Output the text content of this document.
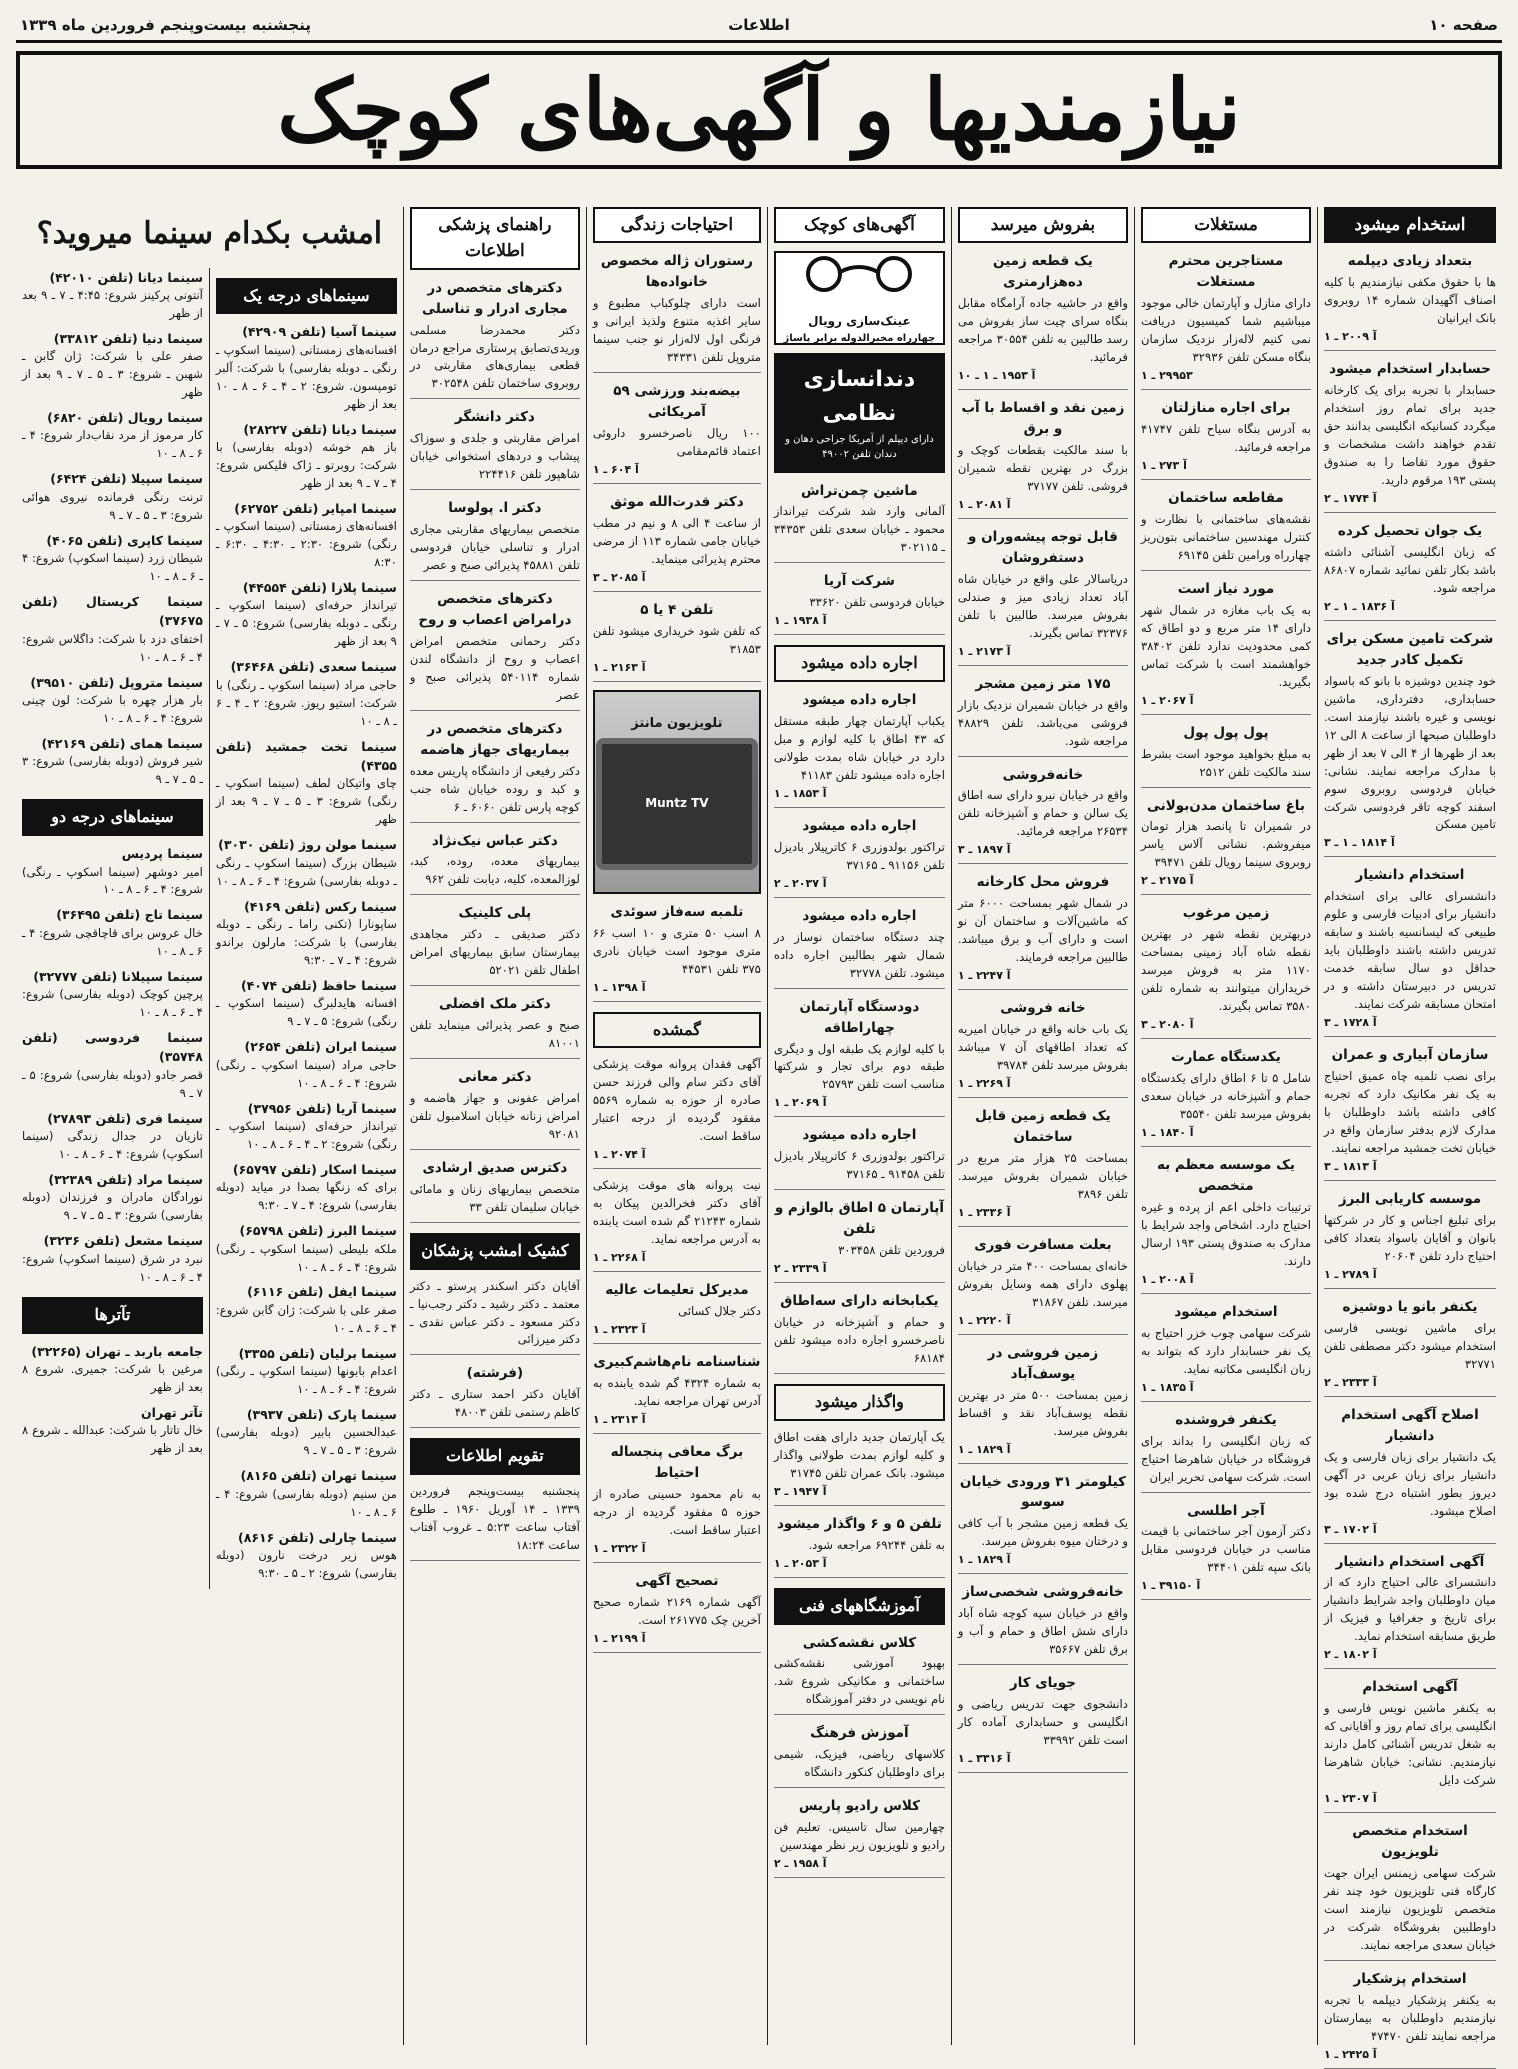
صفحه ۱۰
اطلاعات
پنجشنبه بیست‌وپنجم فروردین ماه ۱۳۳۹
نیازمندیها و آگهی‌های کوچک
استخدام میشود
بتعداد زیادی دیپلمه

ها با حقوق مکفی نیازمندیم با کلیه اصناف آگهیدان شماره ۱۴ روبروی بانک ایرانیان

آ ۲۰۰۹ ـ ۱
حسابدار استخدام میشود

حسابدار با تجربه برای یک کارخانه جدید برای تمام روز استخدام میگردد کسانیکه انگلیسی بدانند حق تقدم خواهند داشت مشخصات و حقوق مورد تقاضا را به صندوق پستی ۱۹۳ مرقوم دارید.

آ ۱۷۷۴ ـ ۲
یک جوان تحصیل کرده

که زبان انگلیسی آشنائی داشته باشد بکار تلفن نمائید شماره ۸۶۸۰۷ مراجعه شود.

آ ۱۸۳۶ ـ ۱ ـ ۲
شرکت تامین مسکن برای تکمیل کادر جدید

خود چندین دوشیزه با بانو که باسواد حسابداری، دفترداری، ماشین نویسی و غیره باشند نیازمند است. داوطلبان صبحها از ساعت ۸ الی ۱۲ بعد از ظهرها از ۴ الی ۷ بعد از ظهر با مدارک مراجعه نمایند. نشانی: خیابان فردوسی روبروی سوم اسفند کوچه تاقر فردوسی شرکت تامین مسکن

آ ۱۸۱۴ ـ ۱ ـ ۳
استخدام دانشیار

دانشسرای عالی برای استخدام دانشیار برای ادبیات فارسی و علوم طبیعی که لیسانسیه باشند و سابقه تدریس داشته باشند داوطلبان باید حداقل دو سال سابقه خدمت تدریس در دبیرستان داشته و در امتحان مسابقه شرکت نمایند.

آ ۱۷۲۸ ـ ۳
سازمان آبیاری و عمران

برای نصب تلمبه چاه عمیق احتیاج به یک نفر مکانیک دارد که تجربه کافی داشته باشد داوطلبان با مدارک لازم بدفتر سازمان واقع در خیابان تخت جمشید مراجعه نمایند.

آ ۱۸۱۳ ـ ۳
موسسه کاریابی البرز

برای تبلیغ اجناس و کار در شرکتها بانوان و آقایان باسواد بتعداد کافی احتیاج دارد تلفن ۲۰۶۰۴

آ ۲۷۸۹ ـ ۱
یکنفر بانو یا دوشیزه

برای ماشین نویسی فارسی استخدام میشود دکتر مصطفی تلفن ۳۲۷۷۱

آ ۲۳۳۳ ـ ۲
اصلاح آگهی استخدام دانشیار

یک دانشیار برای زبان فارسی و یک دانشیار برای زبان عربی در آگهی دیروز بطور اشتباه درج شده بود اصلاح میشود.

آ ۱۷۰۲ ـ ۳
آگهی استخدام دانشیار

دانشسرای عالی احتیاج دارد که از میان داوطلبان واجد شرایط دانشیار برای تاریخ و جغرافیا و فیزیک از طریق مسابقه استخدام نماید.

آ ۱۸۰۲ ـ ۲
آگهی استخدام

به یکنفر ماشین نویس فارسی و انگلیسی برای تمام روز و آقایانی که به شغل تدریس آشنائی کامل دارند نیازمندیم. نشانی: خیابان شاهرضا شرکت دایل

آ ۲۳۰۷ ـ ۱
استخدام متخصص تلویزیون

شرکت سهامی زیمنس ایران جهت کارگاه فنی تلویزیون خود چند نفر متخصص تلویزیون نیازمند است داوطلبین بفروشگاه شرکت در خیابان سعدی مراجعه نمایند.

استخدام پزشکیار

به یکنفر پزشکیار دیپلمه با تجربه نیازمندیم داوطلبان به بیمارستان مراجعه نمایند تلفن ۴۷۴۷۰

آ ۲۴۲۵ ـ ۱
مستغلات
مستاجرین محترم مستغلات

دارای منازل و آپارتمان خالی موجود میباشیم شما کمیسیون دریافت نمی کنیم لاله‌زار نزدیک سازمان بنگاه مسکن تلفن ۳۲۹۳۶

۲۹۹۵۳ ـ ۱
برای اجاره منازلتان

به آدرس بنگاه سیاح تلفن ۴۱۷۴۷ مراجعه فرمائید.

آ ۲۷۳ ـ ۱
مقاطعه ساختمان

نقشه‌های ساختمانی با نظارت و کنترل مهندسین ساختمانی بتون‌ریز چهارراه ورامین تلفن ۶۹۱۴۵

مورد نیاز است

به یک باب مغازه در شمال شهر دارای ۱۴ متر مربع و دو اطاق که کمی محدودیت ندارد تلفن ۳۸۴۰۲ خواهشمند است با شرکت تماس بگیرید.

آ ۲۰۶۷ ـ ۱
پول پول پول

به مبلغ بخواهید موجود است بشرط سند مالکیت تلفن ۲۵۱۲

باغ ساختمان مدن‌بولانی

در شمیران تا پانصد هزار تومان میفروشم. نشانی آلاس یاسر روبروی سینما رویال تلفن ۳۹۴۷۱

آ ۲۱۷۵ ـ ۲
زمین مرغوب

دربهترین نقطه شهر در بهترین نقطه شاه آباد زمینی بمساحت ۱۱۷۰ متر به فروش میرسد خریداران میتوانند به شماره تلفن ۳۵۸۰ تماس بگیرند.

آ ۲۰۸۰ ـ ۳
یکدستگاه عمارت

شامل ۵ تا ۶ اطاق دارای یکدستگاه حمام و آشپزخانه در خیابان سعدی بفروش میرسد تلفن ۳۵۵۴۰

آ ۱۸۴۰ ـ ۱
یک موسسه معظم به متخصص

ترتیبات داخلی اعم از پرده و غیره احتیاج دارد. اشخاص واجد شرایط با مدارک به صندوق پستی ۱۹۳ ارسال دارند.

آ ۲۰۰۸ ـ ۱
استخدام میشود

شرکت سهامی چوب خزر احتیاج به یک نفر حسابدار دارد که بتواند به زبان انگلیسی مکاتبه نماید.

آ ۱۸۳۵ ـ ۱
یکنفر فروشنده

که زبان انگلیسی را بداند برای فروشگاه در خیابان شاهرضا احتیاج است. شرکت سهامی تحریر ایران

آجر اطلسی

دکتر آزمون آجر ساختمانی با قیمت مناسب در خیابان فردوسی مقابل بانک سپه تلفن ۳۴۴۰۱

آ ۳۹۱۵۰ ـ ۱
بفروش میرسد
یک قطعه زمین ده‌هزارمتری

واقع در حاشیه جاده آرامگاه مقابل بنگاه سرای چیت ساز بفروش می رسد طالبین به تلفن ۳۰۵۵۴ مراجعه فرمائید.

آ ۱۹۵۳ ـ ۱ ـ ۱۰
زمین نقد و اقساط با آب و برق

با سند مالکیت بقطعات کوچک و بزرگ در بهترین نقطه شمیران فروشی. تلفن ۳۷۱۷۷

آ ۲۰۸۱ ـ ۱
قابل توجه پیشه‌وران و دستفروشان

دریاسالار علی واقع در خیابان شاه آباد تعداد زیادی میز و صندلی بفروش میرسد. طالبین با تلفن ۳۲۳۷۶ تماس بگیرند.

آ ۲۱۷۳ ـ ۱
۱۷۵ متر زمین مشجر

واقع در خیابان شمیران نزدیک بازار فروشی می‌باشد. تلفن ۴۸۸۲۹ مراجعه شود.

خانه‌فروشی

واقع در خیابان نیرو دارای سه اطاق یک سالن و حمام و آشپزخانه تلفن ۲۶۵۳۴ مراجعه فرمائید.

آ ۱۸۹۷ ـ ۳
فروش محل کارخانه

در شمال شهر بمساحت ۶۰۰۰ متر که ماشین‌آلات و ساختمان آن نو است و دارای آب و برق میباشد. طالبین مراجعه فرمایند.

آ ۲۲۴۷ ـ ۱
خانه فروشی

یک باب خانه واقع در خیابان امیریه که تعداد اطاقهای آن ۷ میباشد بفروش میرسد تلفن ۳۹۷۸۴

آ ۲۲۶۹ ـ ۱
یک قطعه زمین قابل ساختمان

بمساحت ۲۵ هزار متر مربع در خیابان شمیران بفروش میرسد. تلفن ۳۸۹۶

آ ۲۳۳۶ ـ ۱
بعلت مسافرت فوری

خانه‌ای بمساحت ۴۰۰ متر در خیابان پهلوی دارای همه وسایل بفروش میرسد. تلفن ۳۱۸۶۷

آ ۲۲۲۰ ـ ۱
زمین فروشی در یوسف‌آباد

زمین بمساحت ۵۰۰ متر در بهترین نقطه یوسف‌آباد نقد و اقساط بفروش میرسد.

آ ۱۸۲۹ ـ ۱
کیلومتر ۳۱ ورودی خیابان سوسو

یک قطعه زمین مشجر با آب کافی و درختان میوه بفروش میرسد.

آ ۱۸۲۹ ـ ۱
خانه‌فروشی شخصی‌ساز

واقع در خیابان سپه کوچه شاه آباد دارای شش اطاق و حمام و آب و برق تلفن ۳۵۶۶۷

جویای کار

دانشجوی جهت تدریس ریاضی و انگلیسی و حسابداری آماده کار است تلفن ۳۳۹۹۲

آ ۳۳۱۶ ـ ۱
آگهی‌های کوچک
عینک‌سازی رویال
چهارراه مخبرالدوله برابر پاساژ
دندانسازی نظامی
دارای دیپلم از آمریکا جراحی دهان و دندان تلفن ۴۹۰۰۲
ماشین چمن‌تراش

آلمانی وارد شد شرکت تیرانداز محمود ـ خیابان سعدی تلفن ۳۴۳۵۳ ـ ۳۰۲۱۱۵

شرکت آریا

خیابان فردوسی تلفن ۳۳۶۲۰

آ ۱۹۳۸ ـ ۱
اجاره داده میشود
اجاره داده میشود

یکباب آپارتمان چهار طبقه مستقل که ۴۳ اطاق با کلیه لوازم و مبل دارد در خیابان شاه بمدت طولانی اجاره داده میشود تلفن ۴۱۱۸۳

آ ۱۸۵۳ ـ ۱
اجاره داده میشود

تراکتور بولدوزری ۶ کاترپیلار بادیزل تلفن ۹۱۱۵۶ ـ ۳۷۱۶۵

آ ۲۰۳۷ ـ ۲
اجاره داده میشود

چند دستگاه ساختمان نوساز در شمال شهر بطالبین اجاره داده میشود. تلفن ۳۲۷۷۸

دودستگاه آپارتمان چهاراطاقه

با کلیه لوازم یک طبقه اول و دیگری طبقه دوم برای تجار و شرکتها مناسب است تلفن ۲۵۷۹۳

آ ۲۰۶۹ ـ ۱
اجاره داده میشود

تراکتور بولدوزری ۶ کاترپیلار بادیزل تلفن ۹۱۴۵۸ ـ ۳۷۱۶۵

آپارتمان ۵ اطاق بالوازم و تلفن

فروردین تلفن ۳۰۳۴۵۸

آ ۲۳۳۹ ـ ۲
یکبابخانه دارای سه‌اطاق

و حمام و آشپزخانه در خیابان ناصرخسرو اجاره داده میشود تلفن ۶۸۱۸۴

واگذار میشود

یک آپارتمان جدید دارای هفت اطاق و کلیه لوازم بمدت طولانی واگذار میشود. بانک عمران تلفن ۳۱۷۴۵

آ ۱۹۴۷ ـ ۳
تلفن ۵ و ۶ واگذار میشود

به تلفن ۶۹۲۴۴ مراجعه شود.

آ ۲۰۵۳ ـ ۱
آموزشگاههای فنی
کلاس نقشه‌کشی

بهبود آموزشی نقشه‌کشی ساختمانی و مکانیکی شروع شد. نام نویسی در دفتر آموزشگاه

آموزش فرهنگ

کلاسهای ریاضی، فیزیک، شیمی برای داوطلبان کنکور دانشگاه

کلاس رادیو پاریس

چهارمین سال تاسیس. تعلیم فن رادیو و تلویزیون زیر نظر مهندسین

آ ۱۹۵۸ ـ ۲
احتیاجات زندگی
رستوران ژاله مخصوص خانواده‌ها

است دارای چلوکباب مطبوع و سایر اغذیه متنوع ولذیذ ایرانی و فرنگی اول لاله‌زار نو جنب سینما متروپل تلفن ۳۴۳۳۱

بیضه‌بند ورزشی ۵۹ آمریکائی

۱۰۰ ریال ناصرخسرو داروئی اعتماد قائم‌مقامی

آ ۶۰۴ ـ ۱
دکتر قدرت‌الله موثق

از ساعت ۴ الی ۸ و نیم در مطب خیابان جامی شماره ۱۱۳ از مرضی محترم پذیرائی مینماید.

آ ۲۰۸۵ ـ ۳
تلفن ۴ یا ۵

که تلفن شود خریداری میشود تلفن ۳۱۸۵۳

آ ۲۱۶۳ ـ ۱
تلویزیون مانتز
Muntz TV
تلمبه سه‌فاز سوئدی

۸ اسب ۵۰ متری و ۱۰ اسب ۶۶ متری موجود است خیابان نادری ۳۷۵ تلفن ۴۴۵۳۱

آ ۱۳۹۸ ـ ۱
گمشده

آگهی فقدان پروانه موقت پزشکی آقای دکتر سام والی فرزند حسن صادره از حوزه به شماره ۵۵۶۹ مفقود گردیده از درجه اعتبار ساقط است.

آ ۲۰۷۴ ـ ۱

نیت پروانه های موقت پزشکی آقای دکتر فخرالدین پیکان به شماره ۲۱۲۴۳ گم شده است یابنده به آدرس مراجعه نماید.

آ ۲۲۶۸ ـ ۱
مدیرکل تعلیمات عالیه

دکتر جلال کسائی

آ ۲۳۲۳ ـ ۱
شناسنامه نام‌هاشم‌کبیری

به شماره ۴۳۲۴ گم شده یابنده به آدرس تهران مراجعه نماید.

آ ۲۳۱۳ ـ ۱
برگ معافی پنجساله احتیاط

به نام محمود حسینی صادره از حوزه ۵ مفقود گردیده از درجه اعتبار ساقط است.

آ ۲۳۲۲ ـ ۱
تصحیح آگهی

آگهی شماره ۲۱۶۹ شماره صحیح آخرین چک ۲۶۱۷۷۵ است.

آ ۲۱۹۹ ـ ۱
راهنمای پزشکی اطلاعات
دکترهای متخصص در مجاری ادرار و تناسلی

دکتر محمدرضا مسلمی وریدی‌تصابق پرستاری مراجع درمان قطعی بیماری‌های مقاربتی در روبروی ساختمان تلفن ۳۰۲۵۴۸

دکتر دانشگر

امراض مقاربتی و جلدی و سوزاک پیشاب و دردهای استخوانی خیابان شاهپور تلفن ۲۲۴۴۱۶

دکتر ا. پولوسا

متخصص بیماریهای مقاربتی مجاری ادرار و تناسلی خیابان فردوسی تلفن ۴۵۸۸۱ پذیرائی صبح و عصر

دکترهای متخصص درامراض اعصاب و روح

دکتر رحمانی متخصص امراض اعصاب و روح از دانشگاه لندن شماره ۵۴۰۱۱۴ پذیرائی صبح و عصر

دکترهای متخصص در بیماریهای جهاز هاضمه

دکتر رفیعی از دانشگاه پاریس معده و کبد و روده خیابان شاه جنب کوچه پارس تلفن ۶۰۶۰ ـ ۶

دکتر عباس نیک‌نژاد

بیماریهای معده، روده، کبد، لوزالمعده، کلیه، دیابت تلفن ۹۶۲

پلی کلینیک

دکتر صدیقی ـ دکتر مجاهدی بیمارستان سابق بیماریهای امراض اطفال تلفن ۵۲۰۲۱

دکتر ملک افضلی

صبح و عصر پذیرائی مینماید تلفن ۸۱۰۰۱

دکتر معانی

امراض عفونی و جهاز هاضمه و امراض زنانه خیابان اسلامبول تلفن ۹۲۰۸۱

دکترس صدیق ارشادی

متخصص بیماریهای زنان و مامائی خیابان سلیمان تلفن ۳۳

کشیک امشب پزشکان

آقایان دکتر اسکندر پرستو ـ دکتر معتمد ـ دکتر رشید ـ دکتر رجب‌نیا ـ دکتر مسعود ـ دکتر عباس نقدی ـ دکتر میرزائی

(فرشته)

آقایان دکتر احمد ستاری ـ دکتر کاظم رستمی تلفن ۴۸۰۰۳

تقویم اطلاعات

پنجشنبه بیست‌وپنجم فروردین ۱۳۳۹ ـ ۱۴ آوریل ۱۹۶۰ ـ طلوع آفتاب ساعت ۵:۲۳ ـ غروب آفتاب ساعت ۱۸:۲۴

امشب بکدام سینما میروید؟
سینماهای درجه یک
سینما آسیا (تلفن ۴۲۹۰۹)
افسانه‌های زمستانی (سینما اسکوپ ـ رنگی ـ دوبله بفارسی) با شرکت: آلبر تومپسون. شروع: ۲ ـ ۴ ـ ۶ ـ ۸ ـ ۱۰ بعد از ظهر
سینما دیانا (تلفن ۲۸۲۲۷)
باز هم خوشه (دوبله بفارسی) با شرکت: روبرتو ـ ژاک فلیکس شروع: ۴ ـ ۷ ـ ۹ بعد از ظهر
سینما امپایر (تلفن ۶۲۷۵۲)
افسانه‌های زمستانی (سینما اسکوپ ـ رنگی) شروع: ۲:۳۰ ـ ۴:۳۰ ـ ۶:۳۰ ـ ۸:۳۰
سینما پلازا (تلفن ۴۴۵۵۴)
تیرانداز حرفه‌ای (سینما اسکوپ ـ رنگی ـ دوبله بفارسی) شروع: ۵ ـ ۷ ـ ۹ بعد از ظهر
سینما سعدی (تلفن ۳۶۴۶۸)
حاجی مراد (سینما اسکوپ ـ رنگی) با شرکت: استیو ریوز. شروع: ۲ ـ ۴ ـ ۶ ـ ۸ ـ ۱۰
سینما تخت جمشید (تلفن ۴۳۵۵)
چای واتیکان لطف (سینما اسکوپ ـ رنگی) شروع: ۳ ـ ۵ ـ ۷ ـ ۹ بعد از ظهر
سینما مولن روژ (تلفن ۳۰۳۰)
شیطان بزرگ (سینما اسکوپ ـ رنگی ـ دوبله بفارسی) شروع: ۴ ـ ۶ ـ ۸ ـ ۱۰
سینما رکس (تلفن ۴۱۶۹)
ساپونارا (تکنی راما ـ رنگی ـ دوبله بفارسی) با شرکت: مارلون براندو شروع: ۴ ـ ۷ ـ ۹:۳۰
سینما حافظ (تلفن ۴۰۷۴)
افسانه هایدلبرگ (سینما اسکوپ ـ رنگی) شروع: ۵ ـ ۷ ـ ۹
سینما ایران (تلفن ۲۶۵۴)
حاجی مراد (سینما اسکوپ ـ رنگی) شروع: ۴ ـ ۶ ـ ۸ ـ ۱۰
سینما آریا (تلفن ۳۷۹۵۶)
تیرانداز حرفه‌ای (سینما اسکوپ ـ رنگی) شروع: ۲ ـ ۴ ـ ۶ ـ ۸ ـ ۱۰
سینما اسکار (تلفن ۶۵۷۹۷)
برای که زنگها بصدا در میاید (دوبله بفارسی) شروع: ۴ ـ ۷ ـ ۹:۳۰
سینما البرز (تلفن ۶۵۷۹۸)
ملکه بلیطی (سینما اسکوپ ـ رنگی) شروع: ۴ ـ ۶ ـ ۸ ـ ۱۰
سینما ایفل (تلفن ۶۱۱۶)
صفر علی با شرکت: ژان گابن شروع: ۴ ـ ۶ ـ ۸ ـ ۱۰
سینما برلیان (تلفن ۳۳۵۵)
اعدام بابونها (سینما اسکوپ ـ رنگی) شروع: ۴ ـ ۶ ـ ۸ ـ ۱۰
سینما پارک (تلفن ۳۹۳۷)
عبدالحسین بابیر (دوبله بفارسی) شروع: ۳ ـ ۵ ـ ۷ ـ ۹
سینما تهران (تلفن ۸۱۶۵)
من سنیم (دوبله بفارسی) شروع: ۴ ـ ۶ ـ ۸ ـ ۱۰
سینما چارلی (تلفن ۸۶۱۶)
هوس زیر درخت نارون (دوبله بفارسی) شروع: ۲ ـ ۵ ـ ۹:۳۰
سینما دیانا (تلفن ۴۲۰۱۰)
آنتونی پرکینز شروع: ۴:۴۵ ـ ۷ ـ ۹ بعد از ظهر
سینما دنیا (تلفن ۳۳۸۱۲)
صفر علی با شرکت: ژان گابن ـ شهبن ـ شروع: ۳ ـ ۵ ـ ۷ ـ ۹ بعد از ظهر
سینما رویال (تلفن ۶۸۲۰)
کار مرموز از مرد نقاب‌دار شروع: ۴ ـ ۶ ـ ۸ ـ ۱۰
سینما سپیلا (تلفن ۶۴۲۴)
ترنت رنگی فرمانده نیروی هوائی شروع: ۳ ـ ۵ ـ ۷ ـ ۹
سینما کاپری (تلفن ۴۰۶۵)
شیطان زرد (سینما اسکوپ) شروع: ۴ ـ ۶ ـ ۸ ـ ۱۰
سینما کریستال (تلفن ۳۷۶۷۵)
اختفای دزد با شرکت: داگلاس شروع: ۴ ـ ۶ ـ ۸ ـ ۱۰
سینما متروپل (تلفن ۳۹۵۱۰)
بار هزار چهره با شرکت: لون چینی شروع: ۴ ـ ۶ ـ ۸ ـ ۱۰
سینما همای (تلفن ۴۲۱۶۹)
شیر فروش (دوبله بفارسی) شروع: ۳ ـ ۵ ـ ۷ ـ ۹
سینماهای درجه دو
سینما پردیس
امیر دوشهر (سینما اسکوپ ـ رنگی) شروع: ۴ ـ ۶ ـ ۸ ـ ۱۰
سینما تاج (تلفن ۳۶۴۹۵)
خال عروس برای قاچاقچی شروع: ۴ ـ ۶ ـ ۸ ـ ۱۰
سینما سپیلانا (تلفن ۳۲۷۷۷)
پرچین کوچک (دوبله بفارسی) شروع: ۴ ـ ۶ ـ ۸ ـ ۱۰
سینما فردوسی (تلفن ۳۵۷۴۸)
قصر جادو (دوبله بفارسی) شروع: ۵ ـ ۷ ـ ۹
سینما فری (تلفن ۲۷۸۹۳)
تازیان در جدال زندگی (سینما اسکوپ) شروع: ۴ ـ ۶ ـ ۸ ـ ۱۰
سینما مراد (تلفن ۳۲۳۸۹)
نورادگان مادران و فرزندان (دوبله بفارسی) شروع: ۳ ـ ۵ ـ ۷ ـ ۹
سینما مشعل (تلفن ۳۲۳۶)
نبرد در شرق (سینما اسکوپ) شروع: ۴ ـ ۶ ـ ۸ ـ ۱۰
تآترها
جامعه باربد ـ تهران (۳۲۲۶۵)
مرغین با شرکت: جمیری. شروع ۸ بعد از ظهر
تآتر تهران
خال تاتار با شرکت: عبدالله ـ شروع ۸ بعد از ظهر
